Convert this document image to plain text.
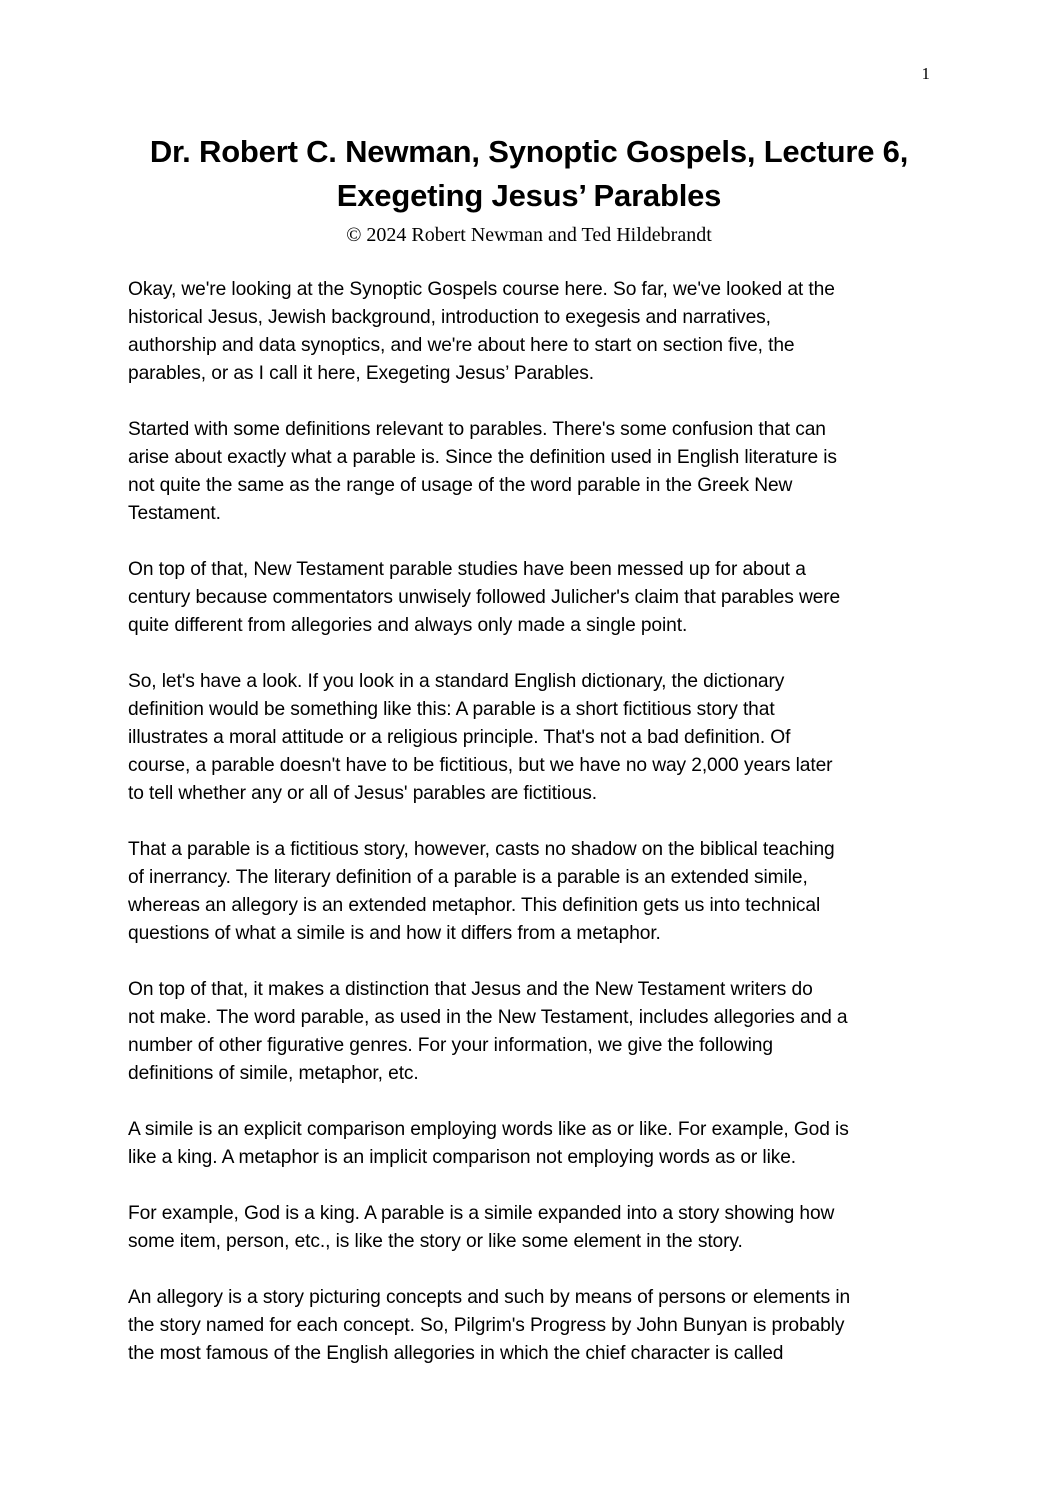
1
Dr. Robert C. Newman, Synoptic Gospels, Lecture 6,
Exegeting Jesus’ Parables
© 2024 Robert Newman and Ted Hildebrandt
Okay, we're looking at the Synoptic Gospels course here. So far, we've looked at the
historical Jesus, Jewish background, introduction to exegesis and narratives,
authorship and data synoptics, and we're about here to start on section five, the
parables, or as I call it here, Exegeting Jesus’ Parables.
Started with some definitions relevant to parables. There's some confusion that can
arise about exactly what a parable is. Since the definition used in English literature is
not quite the same as the range of usage of the word parable in the Greek New
Testament.
On top of that, New Testament parable studies have been messed up for about a
century because commentators unwisely followed Julicher's claim that parables were
quite different from allegories and always only made a single point.
So, let's have a look. If you look in a standard English dictionary, the dictionary
definition would be something like this: A parable is a short fictitious story that
illustrates a moral attitude or a religious principle. That's not a bad definition. Of
course, a parable doesn't have to be fictitious, but we have no way 2,000 years later
to tell whether any or all of Jesus' parables are fictitious.
That a parable is a fictitious story, however, casts no shadow on the biblical teaching
of inerrancy. The literary definition of a parable is a parable is an extended simile,
whereas an allegory is an extended metaphor. This definition gets us into technical
questions of what a simile is and how it differs from a metaphor.
On top of that, it makes a distinction that Jesus and the New Testament writers do
not make. The word parable, as used in the New Testament, includes allegories and a
number of other figurative genres. For your information, we give the following
definitions of simile, metaphor, etc.
A simile is an explicit comparison employing words like as or like. For example, God is
like a king. A metaphor is an implicit comparison not employing words as or like.
For example, God is a king. A parable is a simile expanded into a story showing how
some item, person, etc., is like the story or like some element in the story.
An allegory is a story picturing concepts and such by means of persons or elements in
the story named for each concept. So, Pilgrim's Progress by John Bunyan is probably
the most famous of the English allegories in which the chief character is called
